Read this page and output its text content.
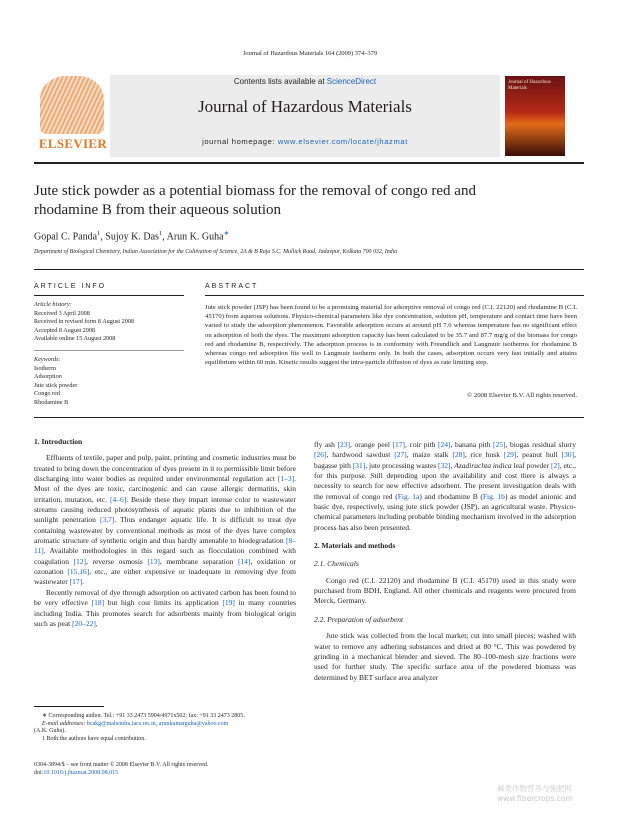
Journal of Hazardous Materials 164 (2009) 374–379
ELSEVIER
Contents lists available at ScienceDirect
Journal of Hazardous Materials
journal homepage: www.elsevier.com/locate/jhazmat
Journal of Hazardous Materials
Jute stick powder as a potential biomass for the removal of congo red and
rhodamine B from their aqueous solution
Gopal C. Panda$^1$, Sujoy K. Das$^1$, Arun K. Guha∗
Department of Biological Chemistry, Indian Association for the Cultivation of Science, 2A & B Raja S.C. Mullick Road, Jadavpur, Kolkata 700 032, India
ARTICLE INFO	ABSTRACT
Article history:
Received 3 April 2008
Received in revised form 8 August 2008
Accepted 8 August 2008
Available online 15 August 2008
Keywords:
Isotherm
Adsorption
Jute stick powder
Congo red
Rhodamine B
Jute stick powder (JSP) has been found to be a promising material for adsorptive removal of congo red (C.I. 22120) and rhodamine B (C.I. 45170) from aqueous solutions. Physico-chemical parameters like dye concentration, solution pH, temperature and contact time have been varied to study the adsorption phenomenon. Favorable adsorption occurs at around pH 7.0 whereas temperature has no significant effect on adsorption of both the dyes. The maximum adsorption capacity has been calculated to be 35.7 and 87.7 mg/g of the biomass for congo red and rhodamine B, respectively. The adsorption process is in conformity with Freundlich and Langmuir isotherms for rhodamine B whereas congo red adsorption fits well to Langmuir isotherm only. In both the cases, adsorption occurs very fast initially and attains equilibrium within 60 min. Kinetic results suggest the intra-particle diffusion of dyes as rate limiting step.
© 2008 Elsevier B.V. All rights reserved.
1. Introduction

Effluents of textile, paper and pulp, paint, printing and cosmetic industries must be treated to bring down the concentration of dyes present in it to permissible limit before discharging into water bodies as required under environmental regulation act [1–3]. Most of the dyes are toxic, carcinogenic and can cause allergic dermatitis, skin irritation, mutation, etc. [4–6]. Beside these they impart intense color to wastewater streams causing reduced photosynthesis of aquatic plants due to inhibition of the sunlight penetration [3,7]. Thus endanger aquatic life. It is difficult to treat dye containing wastewater by conventional methods as most of the dyes have complex aromatic structure of synthetic origin and thus hardly amenable to biodegradation [8–11]. Available methodologies in this regard such as flocculation combined with coagulation [12], reverse osmosis [13], membrane separation [14], oxidation or ozonation [15,16], etc., are either expensive or inadequate in removing dye from wastewater [17].

Recently removal of dye through adsorption on activated carbon has been found to be very effective [18] but high cost limits its application [19] in many countries including India. This promotes search for adsorbents mainly from biological origin such as peat [20–22],

∗ Corresponding author. Tel.: +91 33 2473 5904/4971x502; fax: +91 33 2473 2805.
E-mail addresses: bcakg@mahendra.iacs.res.in, arunkumarguha@yahoo.com
(A.K. Guha).
1 Both the authors have equal contribution.
0304-3894/$ – see front matter © 2008 Elsevier B.V. All rights reserved.
doi:10.1016/j.jhazmat.2008.08.015

fly ash [23], orange peel [17], coir pith [24], banana pith [25], biogas residual slurry [26], hardwood sawdust [27], maize stalk [28], rice husk [29], peanut hull [30], bagasse pith [31], jute processing wastes [32], Azadirachta indica leaf powder [2], etc., for this purpose. Still depending upon the availability and cost there is always a necessity to search for new effective adsorbent. The present investigation deals with the removal of congo red (Fig. 1a) and rhodamine B (Fig. 1b) as model anionic and basic dye, respectively, using jute stick powder (JSP), an agricultural waste. Physico-chemical parameters including probable binding mechanism involved in the adsorption process has also been presented.

2. Materials and methods
2.1. Chemicals

Congo red (C.I. 22120) and rhodamine B (C.I. 45170) used in this study were purchased from BDH, England. All other chemicals and reagents were procured from Merck, Germany.

2.2. Preparation of adsorbent

Jute stick was collected from the local market; cut into small pieces; washed with water to remove any adhering substances and dried at 80 °C. This was powdered by grinding in a mechanical blender and sieved. The 80–100-mesh size fractions were used for further study. The specific surface area of the powdered biomass was determined by BET surface area analyzer

麻类作物营养与施肥网
www.fibercrops.com
